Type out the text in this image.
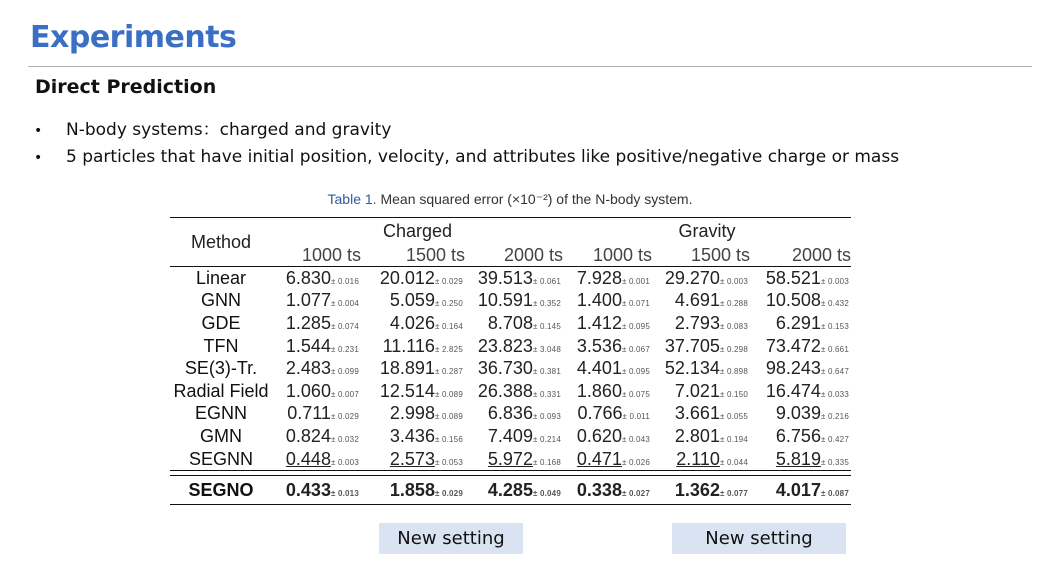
Experiments
Direct Prediction
• N-body systems：charged and gravity
• 5 particles that have initial position, velocity, and attributes like positive/negative charge or mass
Table 1. Mean squared error (×10⁻²) of the N-body system.
Method	Charged			Gravity		
	1000 ts	1500 ts	2000 ts	1000 ts	1500 ts	2000 ts
Linear	6.830± 0.016	20.012± 0.029	39.513± 0.061	7.928± 0.001	29.270± 0.003	58.521± 0.003
GNN	1.077± 0.004	5.059± 0.250	10.591± 0.352	1.400± 0.071	4.691± 0.288	10.508± 0.432
GDE	1.285± 0.074	4.026± 0.164	8.708± 0.145	1.412± 0.095	2.793± 0.083	6.291± 0.153
TFN	1.544± 0.231	11.116± 2.825	23.823± 3.048	3.536± 0.067	37.705± 0.298	73.472± 0.661
SE(3)-Tr.	2.483± 0.099	18.891± 0.287	36.730± 0.381	4.401± 0.095	52.134± 0.898	98.243± 0.647
Radial Field	1.060± 0.007	12.514± 0.089	26.388± 0.331	1.860± 0.075	7.021± 0.150	16.474± 0.033
EGNN	0.711± 0.029	2.998± 0.089	6.836± 0.093	0.766± 0.011	3.661± 0.055	9.039± 0.216
GMN	0.824± 0.032	3.436± 0.156	7.409± 0.214	0.620± 0.043	2.801± 0.194	6.756± 0.427
SEGNN	0.448± 0.003	2.573± 0.053	5.972± 0.168	0.471± 0.026	2.110± 0.044	5.819± 0.335

SEGNO	0.433± 0.013	1.858± 0.029	4.285± 0.049	0.338± 0.027	1.362± 0.077	4.017± 0.087

New setting	New setting
